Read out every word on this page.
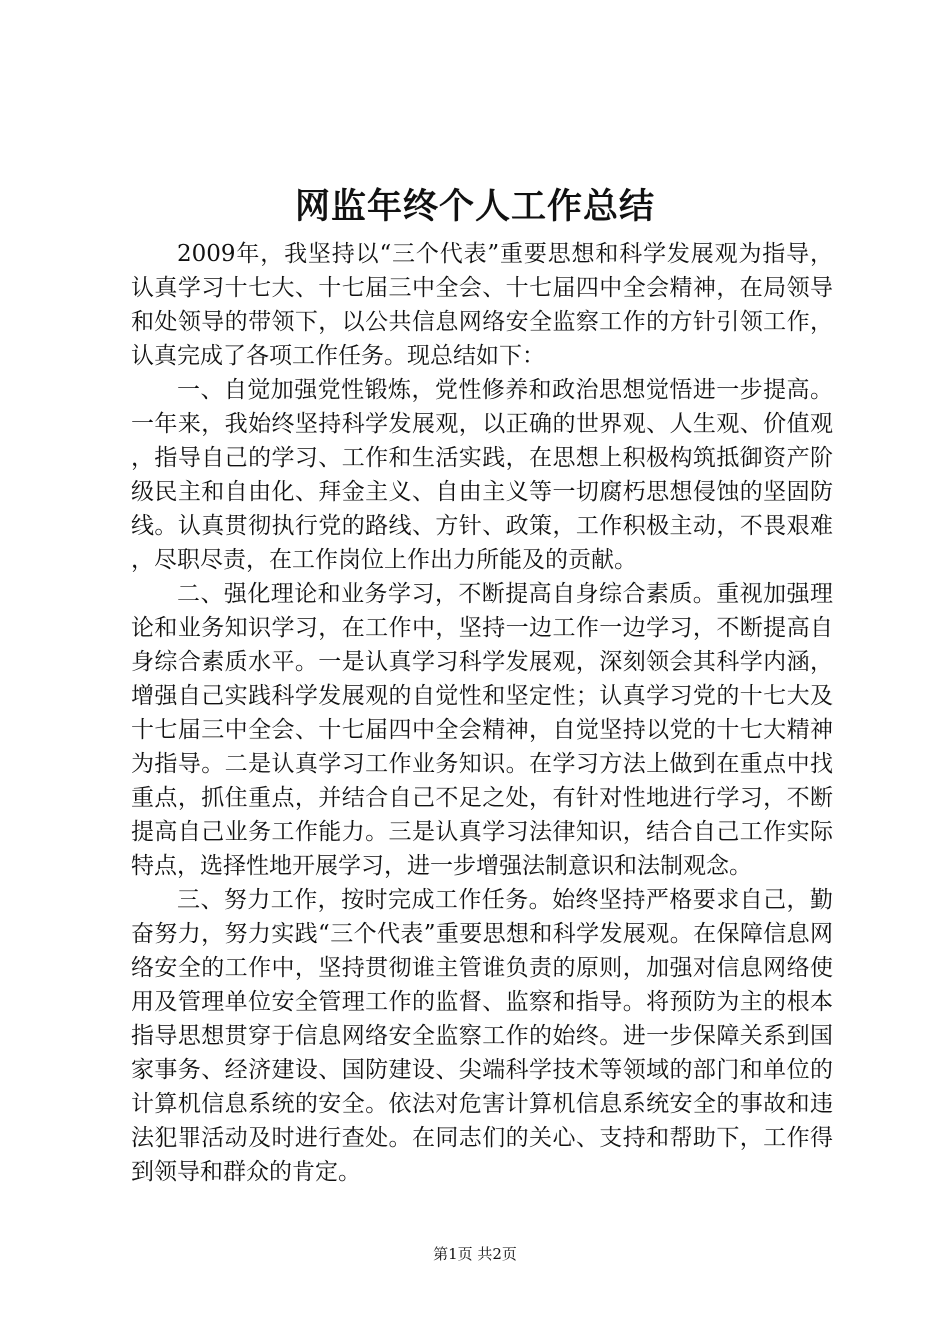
网监年终个人工作总结

2009年，我坚持以“三个代表”重要思想和科学发展观为指导，认真学习十七大、十七届三中全会、十七届四中全会精神，在局领导和处领导的带领下，以公共信息网络安全监察工作的方针引领工作，认真完成了各项工作任务。现总结如下：

一、自觉加强党性锻炼，党性修养和政治思想觉悟进一步提高。一年来，我始终坚持科学发展观，以正确的世界观、人生观、价值观，指导自己的学习、工作和生活实践，在思想上积极构筑抵御资产阶级民主和自由化、拜金主义、自由主义等一切腐朽思想侵蚀的坚固防线。认真贯彻执行党的路线、方针、政策，工作积极主动，不畏艰难，尽职尽责，在工作岗位上作出力所能及的贡献。

二、强化理论和业务学习，不断提高自身综合素质。重视加强理论和业务知识学习，在工作中，坚持一边工作一边学习，不断提高自身综合素质水平。一是认真学习科学发展观，深刻领会其科学内涵，增强自己实践科学发展观的自觉性和坚定性；认真学习党的十七大及十七届三中全会、十七届四中全会精神，自觉坚持以党的十七大精神为指导。二是认真学习工作业务知识。在学习方法上做到在重点中找重点，抓住重点，并结合自己不足之处，有针对性地进行学习，不断提高自己业务工作能力。三是认真学习法律知识，结合自己工作实际特点，选择性地开展学习，进一步增强法制意识和法制观念。

三、努力工作，按时完成工作任务。始终坚持严格要求自己，勤奋努力，努力实践“三个代表”重要思想和科学发展观。在保障信息网络安全的工作中，坚持贯彻谁主管谁负责的原则，加强对信息网络使用及管理单位安全管理工作的监督、监察和指导。将预防为主的根本指导思想贯穿于信息网络安全监察工作的始终。进一步保障关系到国家事务、经济建设、国防建设、尖端科学技术等领域的部门和单位的计算机信息系统的安全。依法对危害计算机信息系统安全的事故和违法犯罪活动及时进行查处。在同志们的关心、支持和帮助下，工作得到领导和群众的肯定。

第1页 共2页
